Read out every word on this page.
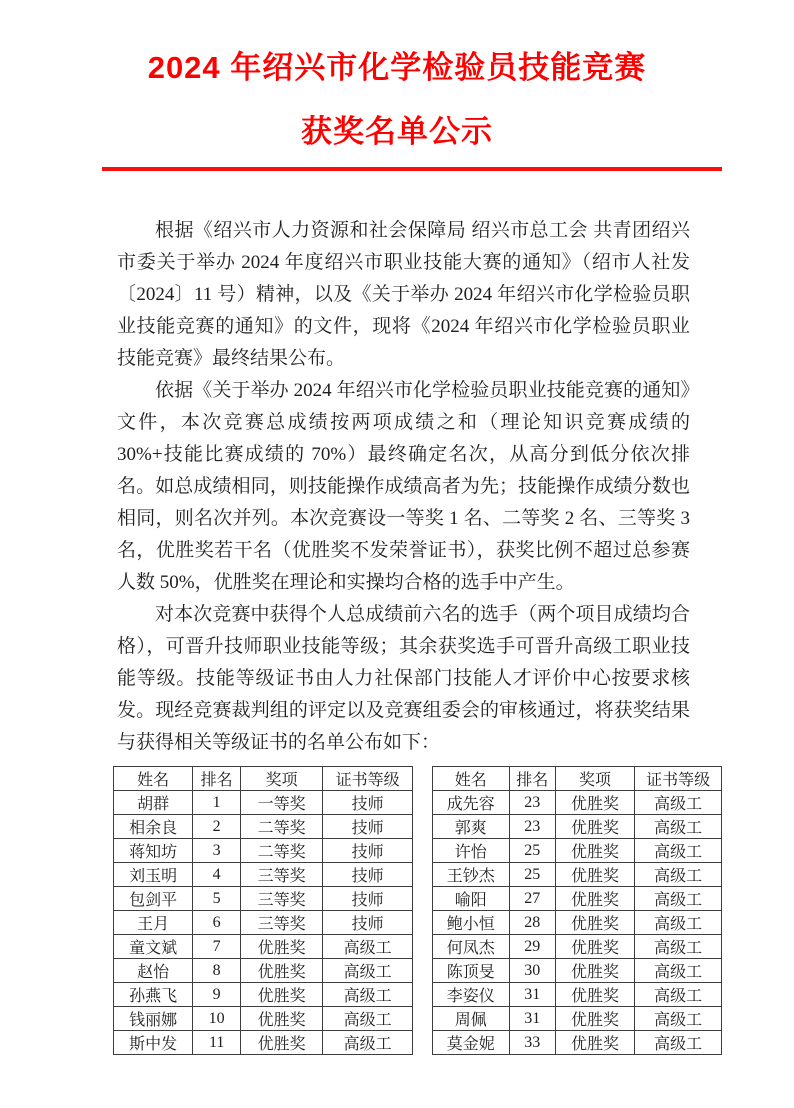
2024 年绍兴市化学检验员技能竞赛
获奖名单公示

根据《绍兴市人力资源和社会保障局 绍兴市总工会 共青团绍兴市委关于举办 2024 年度绍兴市职业技能大赛的通知》（绍市人社发〔2024〕11 号）精神，以及《关于举办 2024 年绍兴市化学检验员职业技能竞赛的通知》的文件，现将《2024 年绍兴市化学检验员职业技能竞赛》最终结果公布。

依据《关于举办 2024 年绍兴市化学检验员职业技能竞赛的通知》文件，本次竞赛总成绩按两项成绩之和（理论知识竞赛成绩的 30%+技能比赛成绩的 70%）最终确定名次，从高分到低分依次排名。如总成绩相同，则技能操作成绩高者为先；技能操作成绩分数也相同，则名次并列。本次竞赛设一等奖 1 名、二等奖 2 名、三等奖 3 名，优胜奖若干名（优胜奖不发荣誉证书），获奖比例不超过总参赛人数 50%，优胜奖在理论和实操均合格的选手中产生。

对本次竞赛中获得个人总成绩前六名的选手（两个项目成绩均合格），可晋升技师职业技能等级；其余获奖选手可晋升高级工职业技能等级。技能等级证书由人力社保部门技能人才评价中心按要求核发。现经竞赛裁判组的评定以及竞赛组委会的审核通过，将获奖结果与获得相关等级证书的名单公布如下：

姓名	排名	奖项	证书等级
胡群	1	一等奖	技师
相余良	2	二等奖	技师
蒋知坊	3	二等奖	技师
刘玉明	4	三等奖	技师
包剑平	5	三等奖	技师
王月	6	三等奖	技师
童文斌	7	优胜奖	高级工
赵怡	8	优胜奖	高级工
孙燕飞	9	优胜奖	高级工
钱丽娜	10	优胜奖	高级工
斯中发	11	优胜奖	高级工
姓名	排名	奖项	证书等级
成先容	23	优胜奖	高级工
郭爽	23	优胜奖	高级工
许怡	25	优胜奖	高级工
王钞杰	25	优胜奖	高级工
喻阳	27	优胜奖	高级工
鲍小恒	28	优胜奖	高级工
何凤杰	29	优胜奖	高级工
陈顶旻	30	优胜奖	高级工
李姿仪	31	优胜奖	高级工
周佩	31	优胜奖	高级工
莫金妮	33	优胜奖	高级工
